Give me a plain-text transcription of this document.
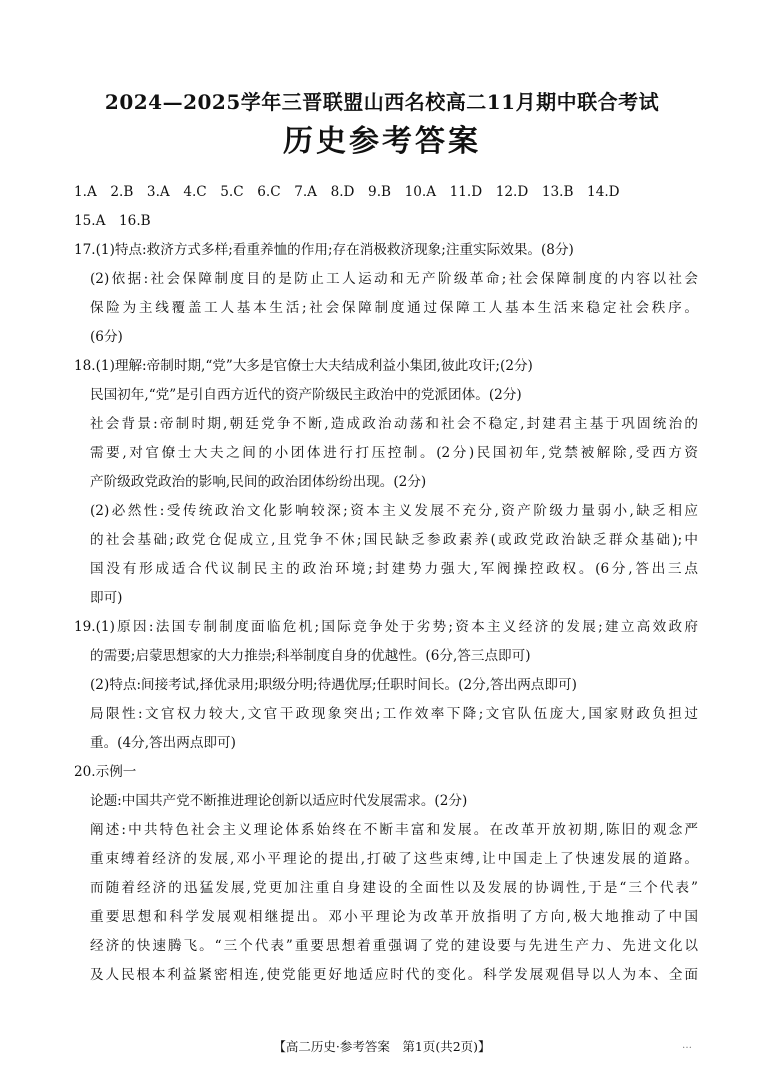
2024—2025学年三晋联盟山西名校高二11月期中联合考试
历史参考答案
1.A　2.B　3.A　4.C　5.C　6.C　7.A　8.D　9.B　10.A　11.D　12.D　13.B　14.D
15.A　16.B
17.(1)特点:救济方式多样;看重养恤的作用;存在消极救济现象;注重实际效果。(8分)
(2)依据:社会保障制度目的是防止工人运动和无产阶级革命;社会保障制度的内容以社会
保险为主线覆盖工人基本生活;社会保障制度通过保障工人基本生活来稳定社会秩序。
(6分)
18.(1)理解:帝制时期,“党”大多是官僚士大夫结成利益小集团,彼此攻讦;(2分)
民国初年,“党”是引自西方近代的资产阶级民主政治中的党派团体。(2分)
社会背景:帝制时期,朝廷党争不断,造成政治动荡和社会不稳定,封建君主基于巩固统治的
需要,对官僚士大夫之间的小团体进行打压控制。(2分)民国初年,党禁被解除,受西方资
产阶级政党政治的影响,民间的政治团体纷纷出现。(2分)
(2)必然性:受传统政治文化影响较深;资本主义发展不充分,资产阶级力量弱小,缺乏相应
的社会基础;政党仓促成立,且党争不休;国民缺乏参政素养(或政党政治缺乏群众基础);中
国没有形成适合代议制民主的政治环境;封建势力强大,军阀操控政权。(6分,答出三点
即可)
19.(1)原因:法国专制制度面临危机;国际竞争处于劣势;资本主义经济的发展;建立高效政府
的需要;启蒙思想家的大力推崇;科举制度自身的优越性。(6分,答三点即可)
(2)特点:间接考试,择优录用;职级分明;待遇优厚;任职时间长。(2分,答出两点即可)
局限性:文官权力较大,文官干政现象突出;工作效率下降;文官队伍庞大,国家财政负担过
重。(4分,答出两点即可)
20.示例一
论题:中国共产党不断推进理论创新以适应时代发展需求。(2分)
阐述:中共特色社会主义理论体系始终在不断丰富和发展。在改革开放初期,陈旧的观念严
重束缚着经济的发展,邓小平理论的提出,打破了这些束缚,让中国走上了快速发展的道路。
而随着经济的迅猛发展,党更加注重自身建设的全面性以及发展的协调性,于是“三个代表”
重要思想和科学发展观相继提出。邓小平理论为改革开放指明了方向,极大地推动了中国
经济的快速腾飞。“三个代表”重要思想着重强调了党的建设要与先进生产力、先进文化以
及人民根本利益紧密相连,使党能更好地适应时代的变化。科学发展观倡导以人为本、全面
【高二历史·参考答案　第1页(共2页)】	…
